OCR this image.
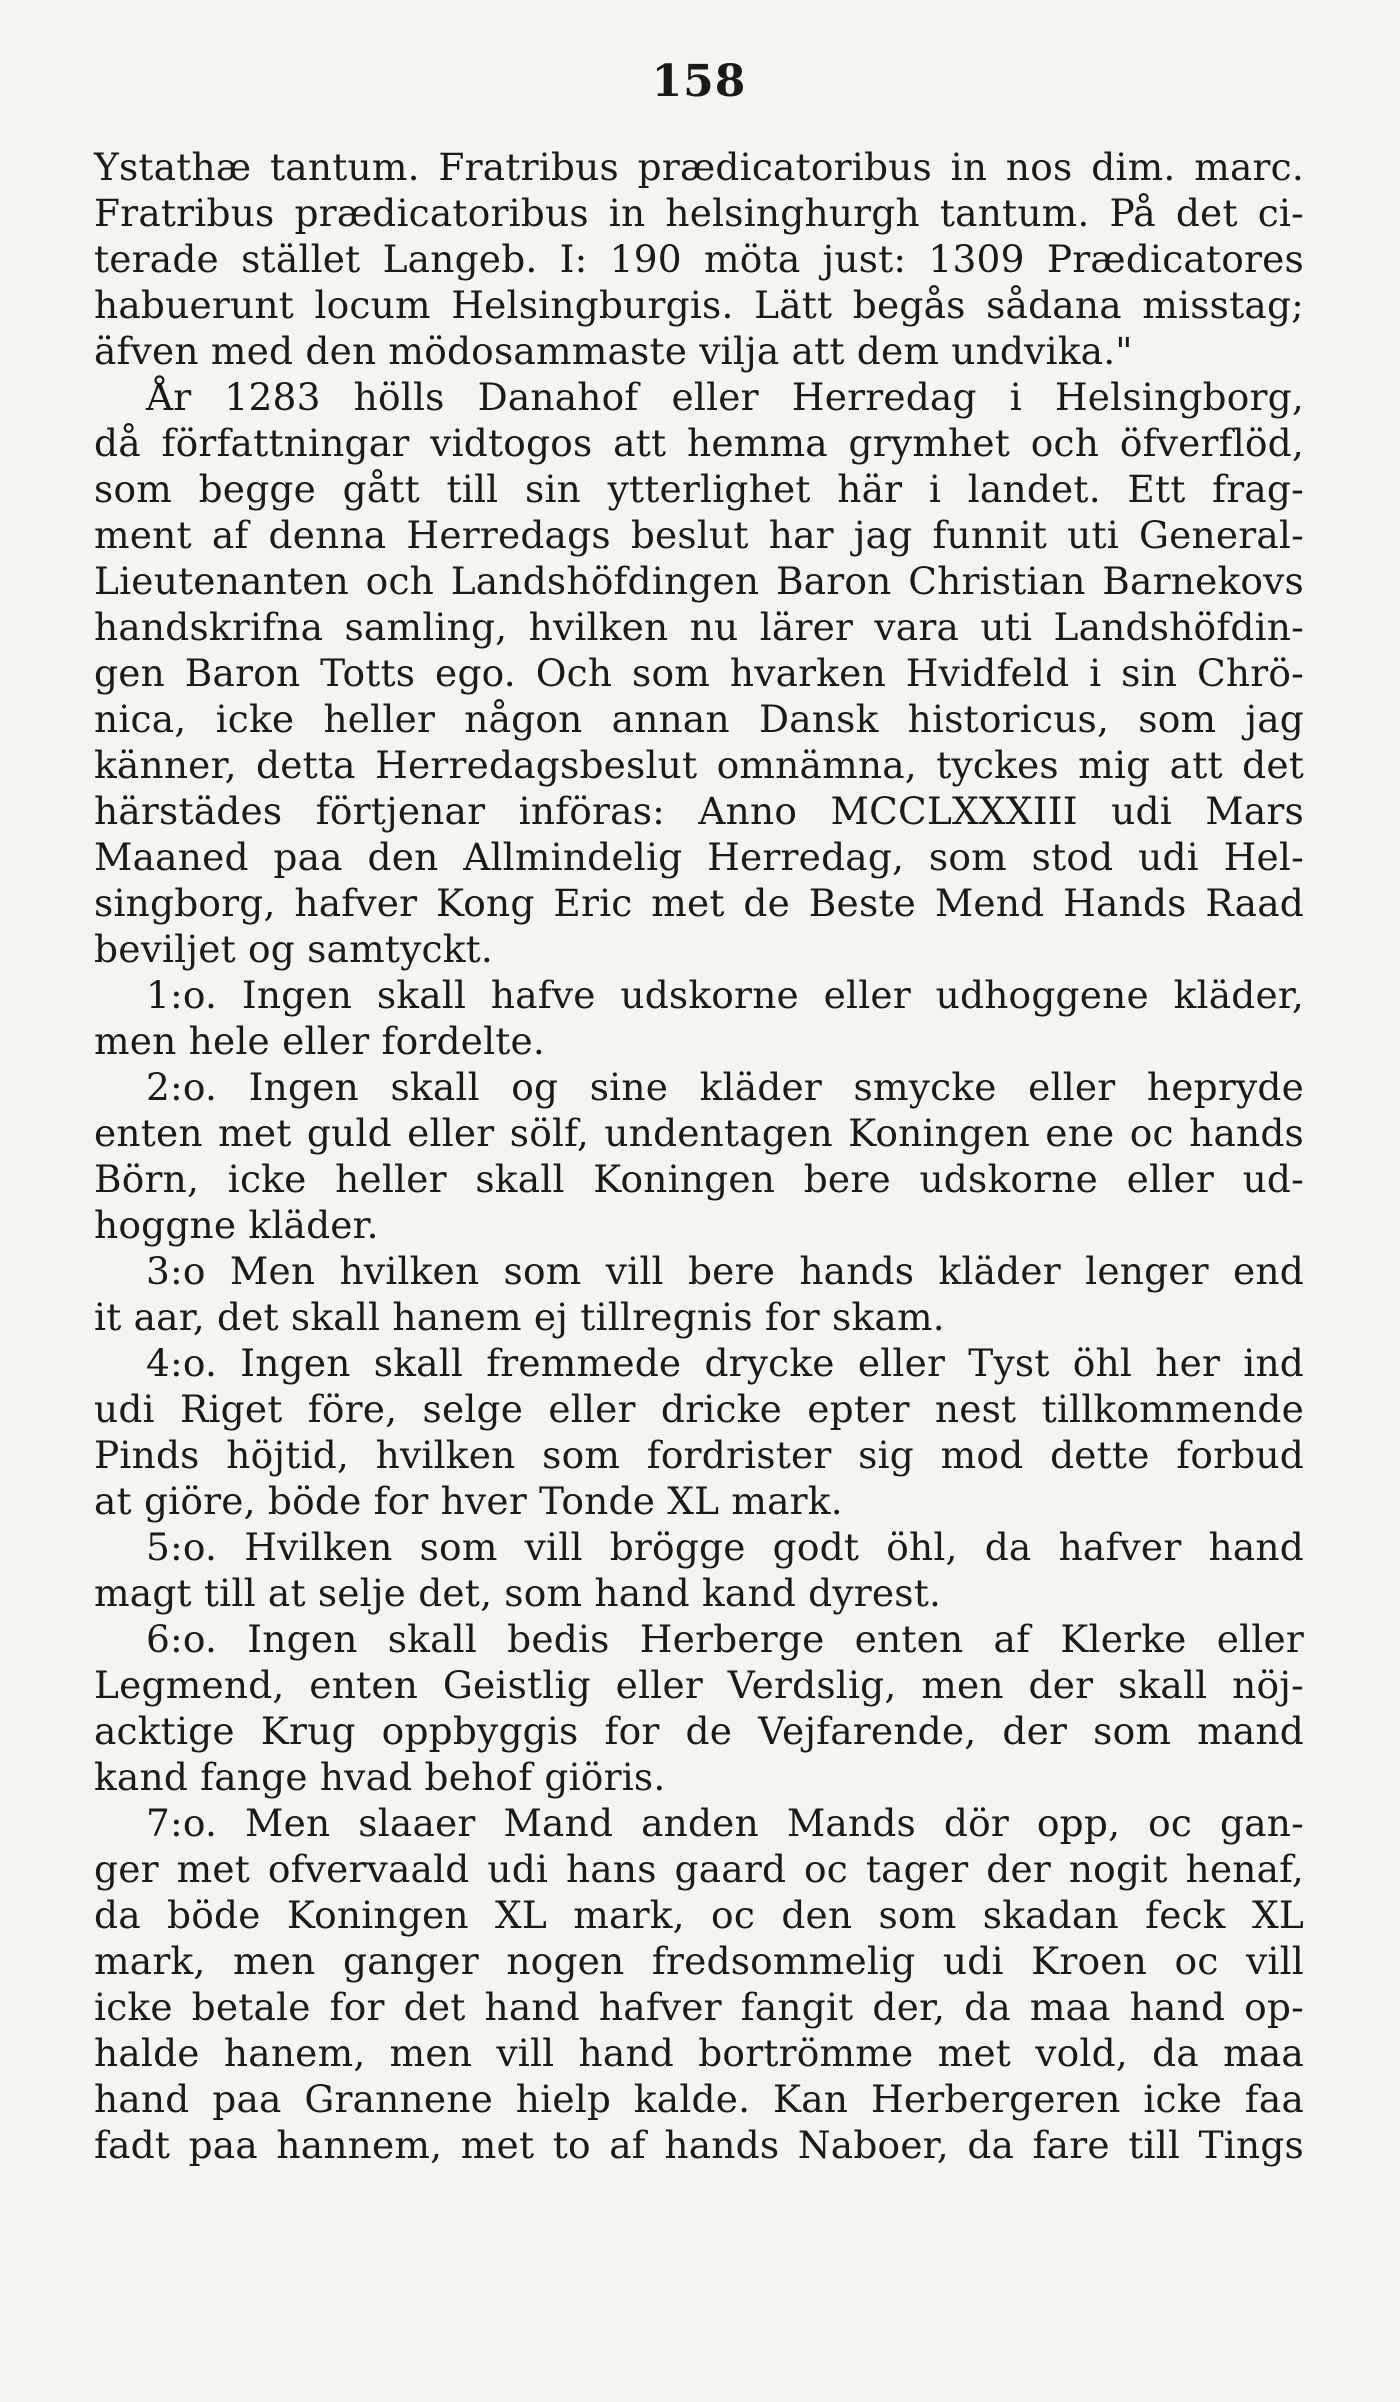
158
Ystathæ tantum. Fratribus prædicatoribus in nos dim. marc.
Fratribus prædicatoribus in helsinghurgh tantum. På det ci-
terade stället Langeb. I: 190 möta just: 1309 Prædicatores
habuerunt locum Helsingburgis. Lätt begås sådana misstag;
äfven med den mödosammaste vilja att dem undvika."
År 1283 hölls Danahof eller Herredag i Helsingborg,
då författningar vidtogos att hemma grymhet och öfverflöd,
som begge gått till sin ytterlighet här i landet. Ett frag-
ment af denna Herredags beslut har jag funnit uti General-
Lieutenanten och Landshöfdingen Baron Christian Barnekovs
handskrifna samling, hvilken nu lärer vara uti Landshöfdin-
gen Baron Totts ego. Och som hvarken Hvidfeld i sin Chrö-
nica, icke heller någon annan Dansk historicus, som jag
känner, detta Herredagsbeslut omnämna, tyckes mig att det
härstädes förtjenar införas: Anno MCCLXXXIII udi Mars
Maaned paa den Allmindelig Herredag, som stod udi Hel-
singborg, hafver Kong Eric met de Beste Mend Hands Raad
beviljet og samtyckt.
1:o. Ingen skall hafve udskorne eller udhoggene kläder,
men hele eller fordelte.
2:o. Ingen skall og sine kläder smycke eller hepryde
enten met guld eller sölf, undentagen Koningen ene oc hands
Börn, icke heller skall Koningen bere udskorne eller ud-
hoggne kläder.
3:o Men hvilken som vill bere hands kläder lenger end
it aar, det skall hanem ej tillregnis for skam.
4:o. Ingen skall fremmede drycke eller Tyst öhl her ind
udi Riget före, selge eller dricke epter nest tillkommende
Pinds höjtid, hvilken som fordrister sig mod dette forbud
at giöre, böde for hver Tonde XL mark.
5:o. Hvilken som vill brögge godt öhl, da hafver hand
magt till at selje det, som hand kand dyrest.
6:o. Ingen skall bedis Herberge enten af Klerke eller
Legmend, enten Geistlig eller Verdslig, men der skall nöj-
acktige Krug oppbyggis for de Vejfarende, der som mand
kand fange hvad behof giöris.
7:o. Men slaaer Mand anden Mands dör opp, oc gan-
ger met ofvervaald udi hans gaard oc tager der nogit henaf,
da böde Koningen XL mark, oc den som skadan feck XL
mark, men ganger nogen fredsommelig udi Kroen oc vill
icke betale for det hand hafver fangit der, da maa hand op-
halde hanem, men vill hand bortrömme met vold, da maa
hand paa Grannene hielp kalde. Kan Herbergeren icke faa
fadt paa hannem, met to af hands Naboer, da fare till Tings
